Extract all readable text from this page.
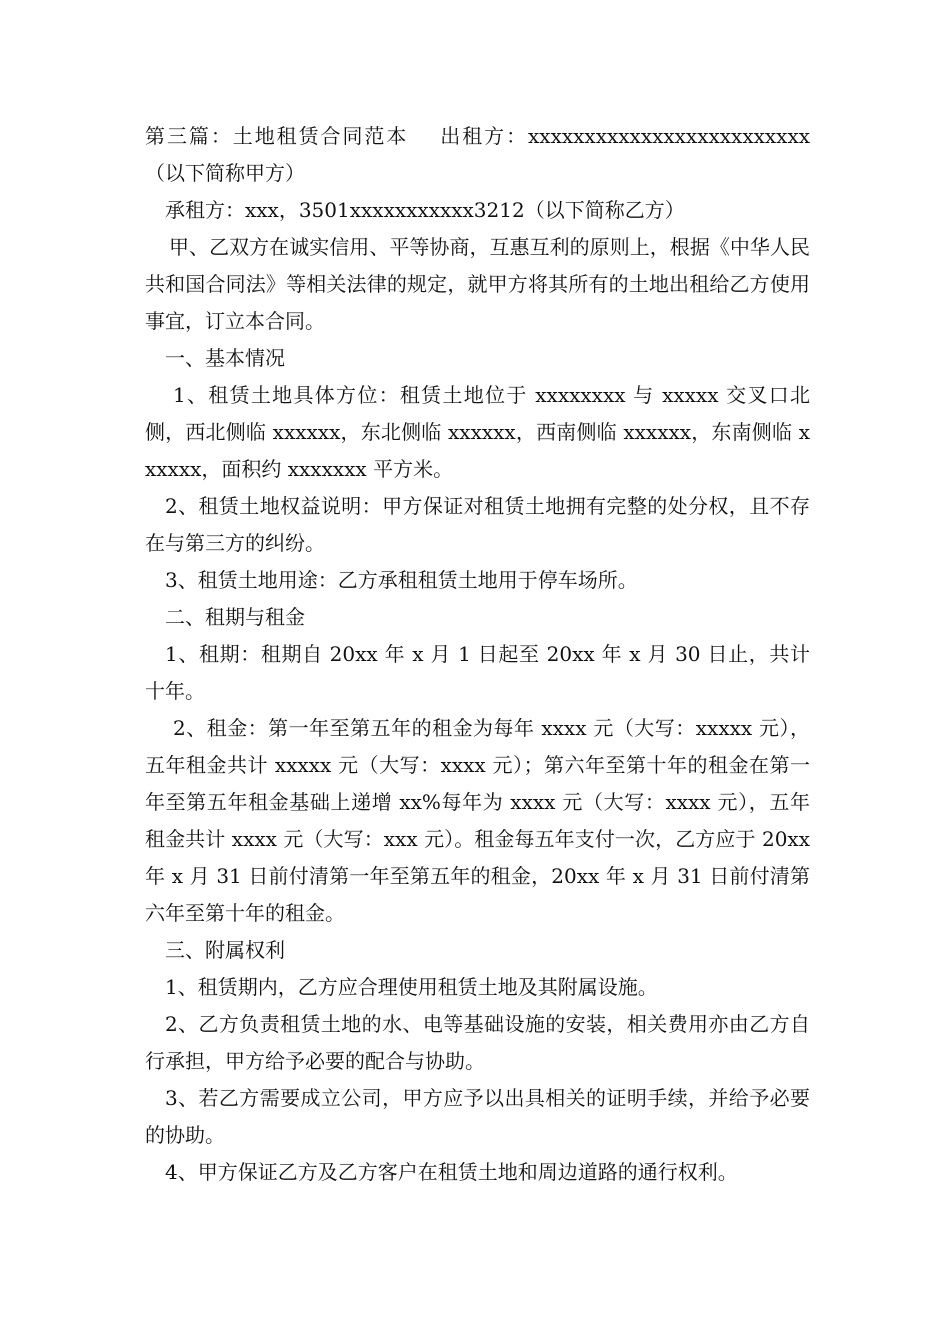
第三篇：土地租赁合同范本 出租方：xxxxxxxxxxxxxxxxxxxxxxxxx（以下简称甲方）

承租方：xxx，3501xxxxxxxxxxx3212（以下简称乙方）

甲、乙双方在诚实信用、平等协商，互惠互利的原则上，根据《中华人民共和国合同法》等相关法律的规定，就甲方将其所有的土地出租给乙方使用事宜，订立本合同。

一、基本情况

1、租赁土地具体方位：租赁土地位于 xxxxxxxx 与 xxxxx 交叉口北侧，西北侧临 xxxxxx，东北侧临 xxxxxx，西南侧临 xxxxxx，东南侧临 xxxxxx，面积约 xxxxxxx 平方米。

2、租赁土地权益说明：甲方保证对租赁土地拥有完整的处分权，且不存在与第三方的纠纷。

3、租赁土地用途：乙方承租租赁土地用于停车场所。

二、租期与租金

1、租期：租期自 20xx 年 x 月 1 日起至 20xx 年 x 月 30 日止，共计十年。

2、租金：第一年至第五年的租金为每年 xxxx 元（大写：xxxxx 元），五年租金共计 xxxxx 元（大写：xxxx 元）；第六年至第十年的租金在第一年至第五年租金基础上递增 xx%每年为 xxxx 元（大写：xxxx 元），五年租金共计 xxxx 元（大写：xxx 元）。租金每五年支付一次，乙方应于 20xx 年 x 月 31 日前付清第一年至第五年的租金，20xx 年 x 月 31 日前付清第六年至第十年的租金。

三、附属权利

1、租赁期内，乙方应合理使用租赁土地及其附属设施。

2、乙方负责租赁土地的水、电等基础设施的安装，相关费用亦由乙方自行承担，甲方给予必要的配合与协助。

3、若乙方需要成立公司，甲方应予以出具相关的证明手续，并给予必要的协助。

4、甲方保证乙方及乙方客户在租赁土地和周边道路的通行权利。
